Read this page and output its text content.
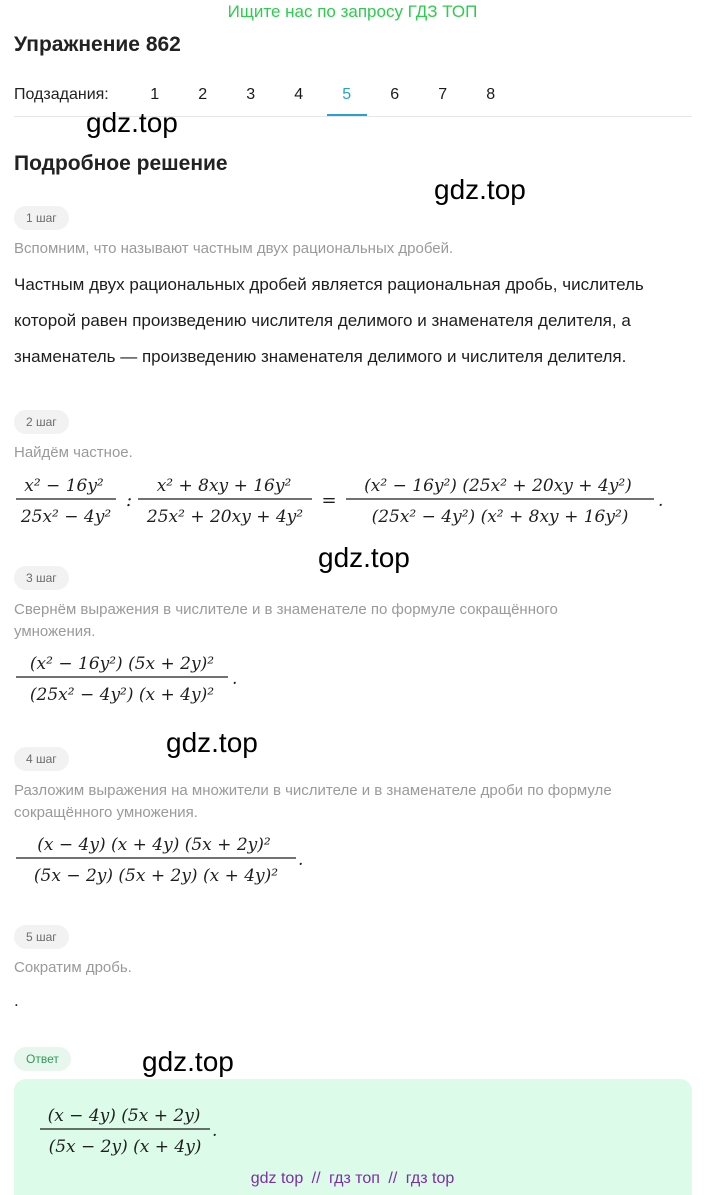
Ищите нас по запросу ГДЗ ТОП
Упражнение 862
Подзадания:	1	2	3	4	5	6	7	8
gdz.top
gdz.top
gdz.top
gdz.top
gdz.top
Подробное решение
1 шаг
Вспомним, что называют частным двух рациональных дробей.
Частным двух рациональных дробей является рациональная дробь, числитель
которой равен произведению числителя делимого и знаменателя делителя, а
знаменатель — произведению знаменателя делимого и числителя делителя.
2 шаг
Найдём частное.
x² − 16y²
25x² − 4y²
:
x² + 8xy + 16y²
25x² + 20xy + 4y²
=
(x² − 16y²) (25x² + 20xy + 4y²)
(25x² − 4y²) (x² + 8xy + 16y²)
.
3 шаг
Свернём выражения в числителе и в знаменателе по формуле сокращённого
умножения.
(x² − 16y²) (5x + 2y)²
(25x² − 4y²) (x + 4y)²
.
4 шаг
Разложим выражения на множители в числителе и в знаменателе дроби по формуле
сокращённого умножения.
(x − 4y) (x + 4y) (5x + 2y)²
(5x − 2y) (5x + 2y) (x + 4y)²
.
5 шаг
Сократим дробь.
.
Ответ
(x − 4y) (5x + 2y)
(5x − 2y) (x + 4y)
.
gdz top // гдз топ // гдз top
